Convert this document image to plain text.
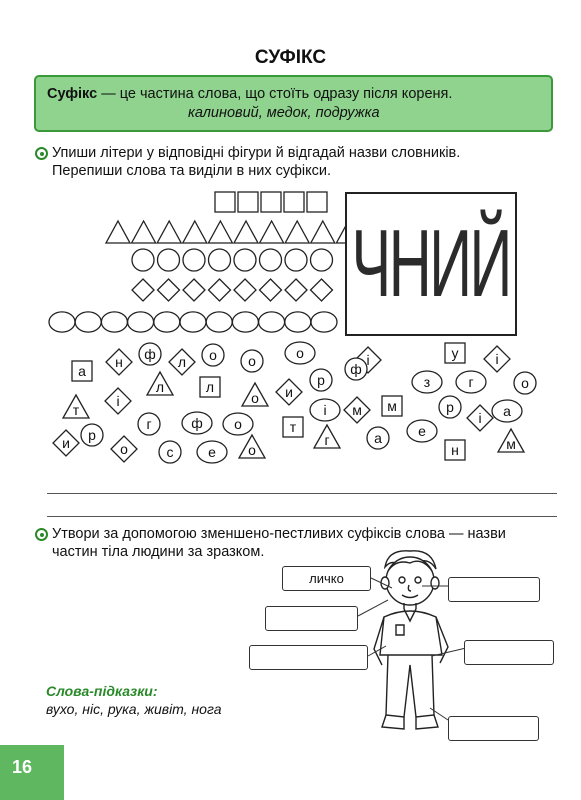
СУФІКС
Суфікс — це частина слова, що стоїть одразу після кореня.
калиновий, медок, подружка
Упиши літери у відповідні фігури й відгадай назви словників.
Перепиши слова та виділи в них суфікси.
ЧНИЙ
а
н ф л о о	о	і	у	і
т
і
л	л
о и
р
ф
з	г	о
і м м	р
і а
и р
о
г
с
ф
е
о
о
т
г	а	е
н	м
Утвори за допомогою зменшено-пестливих суфіксів слова — назви
частин тіла людини за зразком.
личко
Слова-підказки:
вухо, ніс, рука, живіт, нога
16
